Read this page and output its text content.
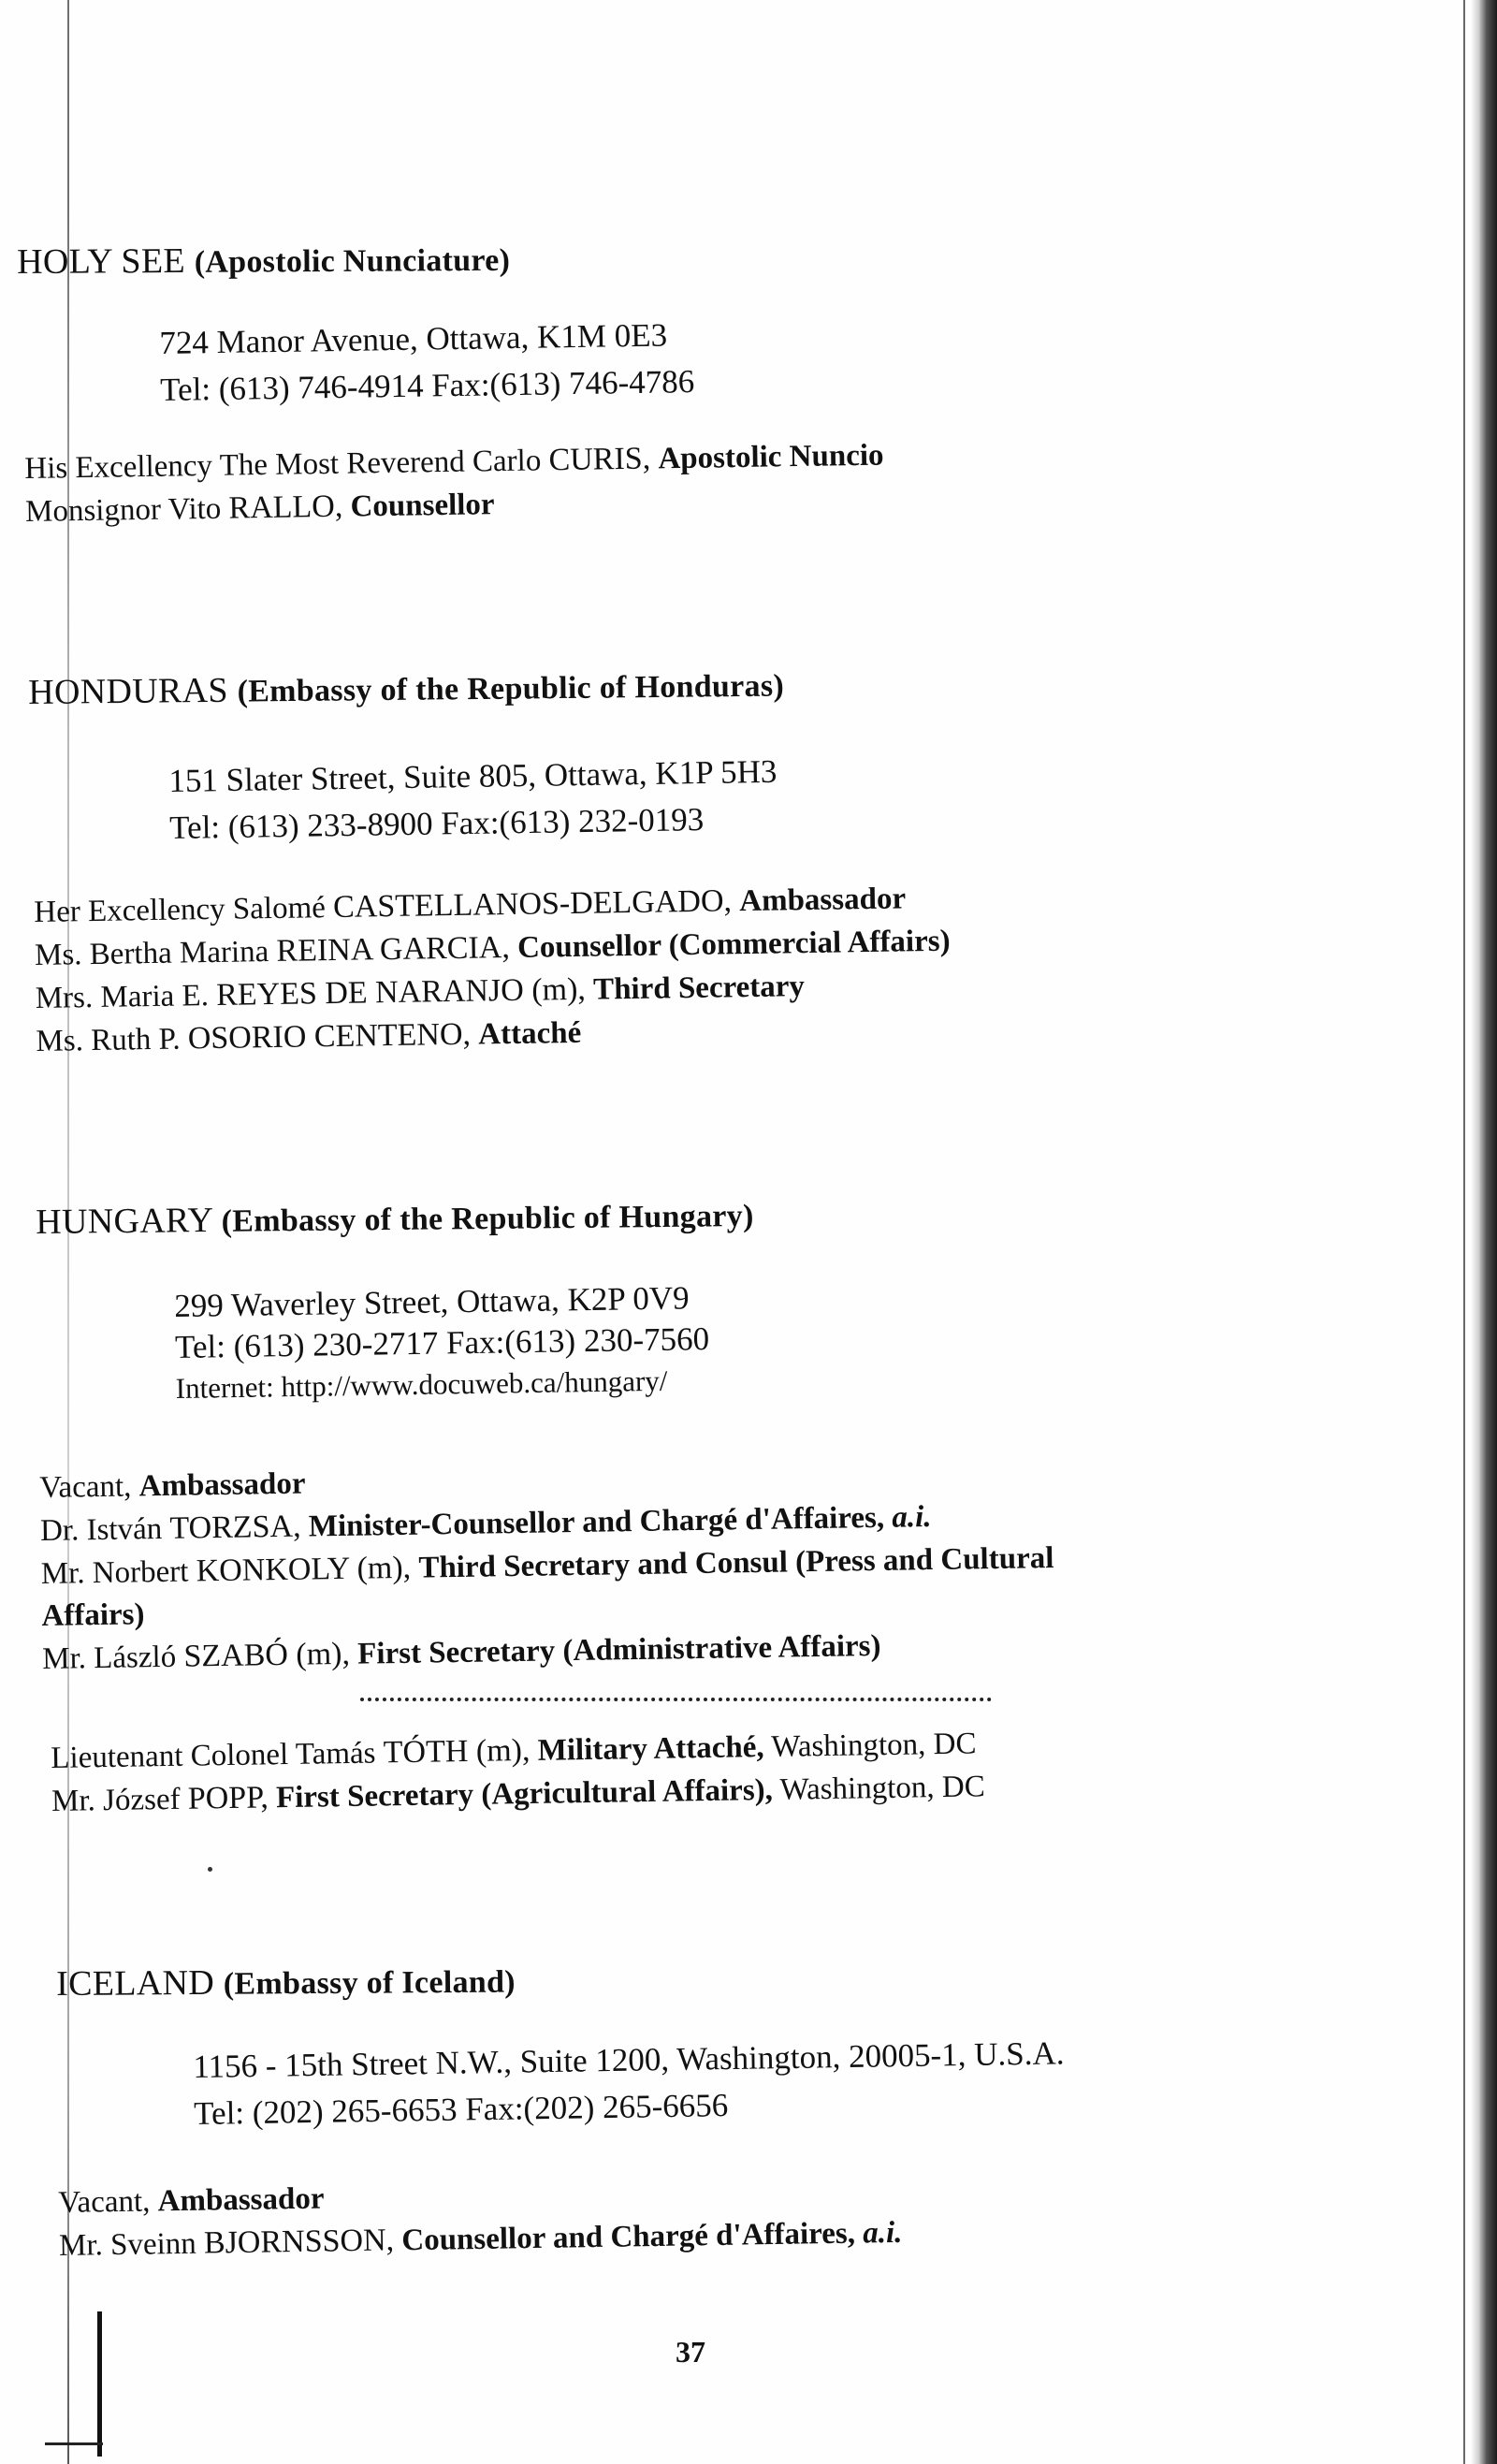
HOLY SEE (Apostolic Nunciature)
724 Manor Avenue, Ottawa, K1M 0E3
Tel: (613) 746-4914 Fax:(613) 746-4786
His Excellency The Most Reverend Carlo CURIS, Apostolic Nuncio
Monsignor Vito RALLO, Counsellor
HONDURAS (Embassy of the Republic of Honduras)
151 Slater Street, Suite 805, Ottawa, K1P 5H3
Tel: (613) 233-8900 Fax:(613) 232-0193
Her Excellency Salomé CASTELLANOS-DELGADO, Ambassador
Ms. Bertha Marina REINA GARCIA, Counsellor (Commercial Affairs)
Mrs. Maria E. REYES DE NARANJO (m), Third Secretary
Ms. Ruth P. OSORIO CENTENO, Attaché
HUNGARY (Embassy of the Republic of Hungary)
299 Waverley Street, Ottawa, K2P 0V9
Tel: (613) 230-2717 Fax:(613) 230-7560
Internet: http://www.docuweb.ca/hungary/
Vacant, Ambassador
Dr. István TORZSA, Minister-Counsellor and Chargé d'Affaires, a.i.
Mr. Norbert KONKOLY (m), Third Secretary and Consul (Press and Cultural
Affairs)
Mr. László SZABÓ (m), First Secretary (Administrative Affairs)
Lieutenant Colonel Tamás TÓTH (m), Military Attaché, Washington, DC
Mr. József POPP, First Secretary (Agricultural Affairs), Washington, DC
ICELAND (Embassy of Iceland)
1156 - 15th Street N.W., Suite 1200, Washington, 20005-1, U.S.A.
Tel: (202) 265-6653 Fax:(202) 265-6656
Vacant, Ambassador
Mr. Sveinn BJORNSSON, Counsellor and Chargé d'Affaires, a.i.
37
